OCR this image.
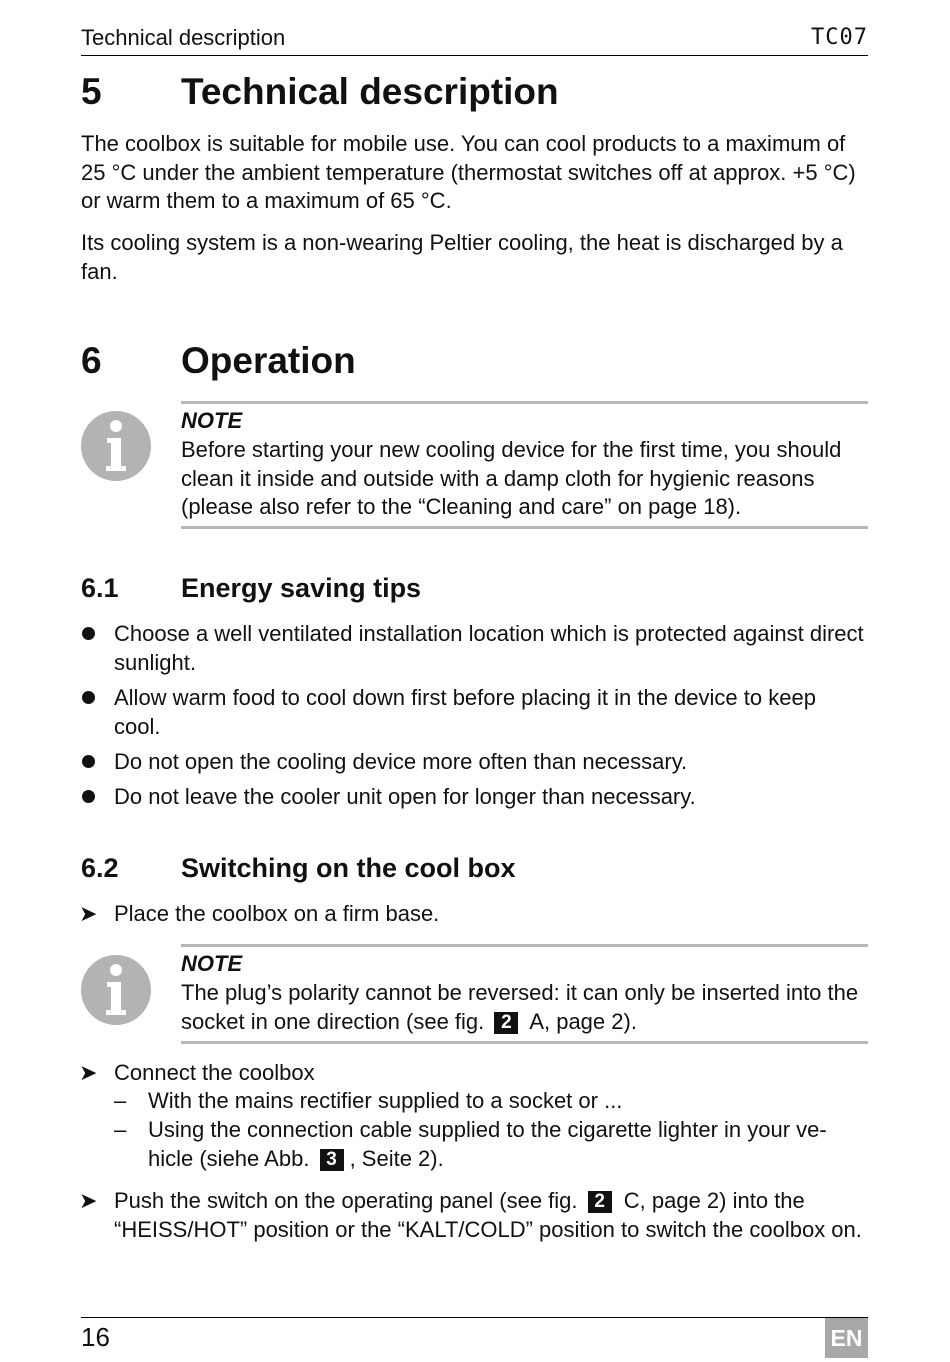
Technical description	TC07
5 Technical description
The coolbox is suitable for mobile use. You can cool products to a maximum of 25 °C under the ambient temperature (thermostat switches off at approx. +5 °C) or warm them to a maximum of 65 °C.
Its cooling system is a non-wearing Peltier cooling, the heat is discharged by a fan.
6 Operation
NOTE
Before starting your new cooling device for the first time, you should clean it inside and outside with a damp cloth for hygienic reasons (please also refer to the “Cleaning and care” on page 18).
6.1 Energy saving tips
Choose a well ventilated installation location which is protected against direct sunlight.
Allow warm food to cool down first before placing it in the device to keep cool.
Do not open the cooling device more often than necessary.
Do not leave the cooler unit open for longer than necessary.
6.2 Switching on the cool box
➤ Place the coolbox on a firm base.
NOTE
The plug’s polarity cannot be reversed: it can only be inserted into the socket in one direction (see fig. 2 A, page 2).
➤ Connect the coolbox
– With the mains rectifier supplied to a socket or ...
– Using the connection cable supplied to the cigarette lighter in your ve-hicle (siehe Abb. 3 , Seite 2).
➤ Push the switch on the operating panel (see fig. 2 C, page 2) into the “HEISS/HOT” position or the “KALT/COLD” position to switch the coolbox on.
16	EN
